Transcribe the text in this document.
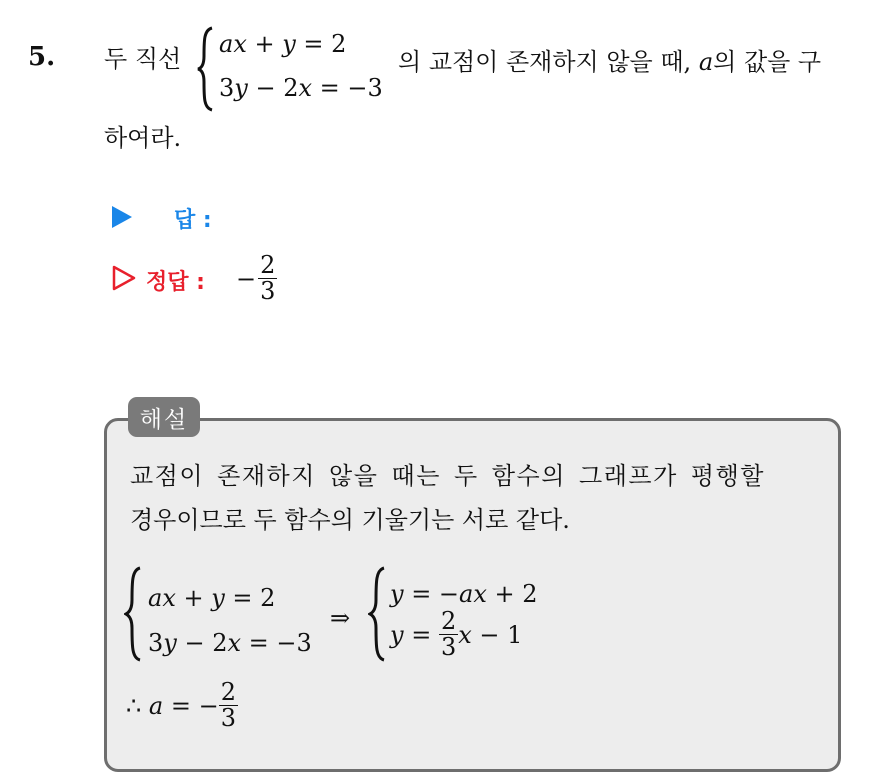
5. 두 직선
ax + y = 2
3y − 2x = −3
의 교점이 존재하지 않을 때, a의 값을 구
하여라.
답 :
정답 : − $\frac{2}{3}$
해설
교점이 존재하지 않을 때는 두 함수의 그래프가 평행할
경우이므로 두 함수의 기울기는 서로 같다.
ax + y = 2
3y − 2x = −3
⇒
y = −ax + 2
$y = \frac{2}{3}$ x − 1
∴ a = − $\frac{2}{3}$
